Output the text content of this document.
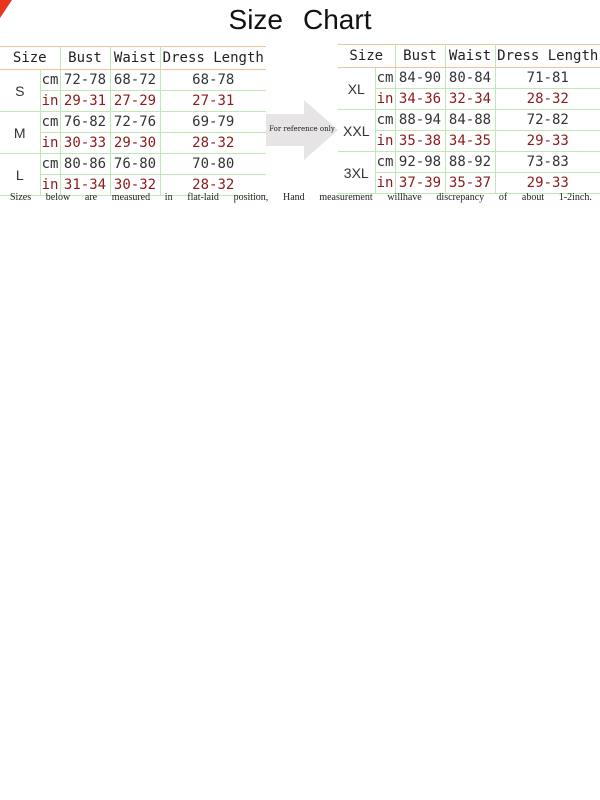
Size Chart
Size		Bust	Waist	Dress Length
S	cm	72-78	68-72	68-78
	in	29-31	27-29	27-31
M	cm	76-82	72-76	69-79
	in	30-33	29-30	28-32
L	cm	80-86	76-80	70-80
	in	31-34	30-32	28-32
For reference only
Size		Bust	Waist	Dress Length
XL	cm	84-90	80-84	71-81
	in	34-36	32-34	28-32
XXL	cm	88-94	84-88	72-82
	in	35-38	34-35	29-33
3XL	cm	92-98	88-92	73-83
	in	37-39	35-37	29-33
Sizes below are measured in flat-laid position, Hand measurement willhave discrepancy of about 1-2inch.
